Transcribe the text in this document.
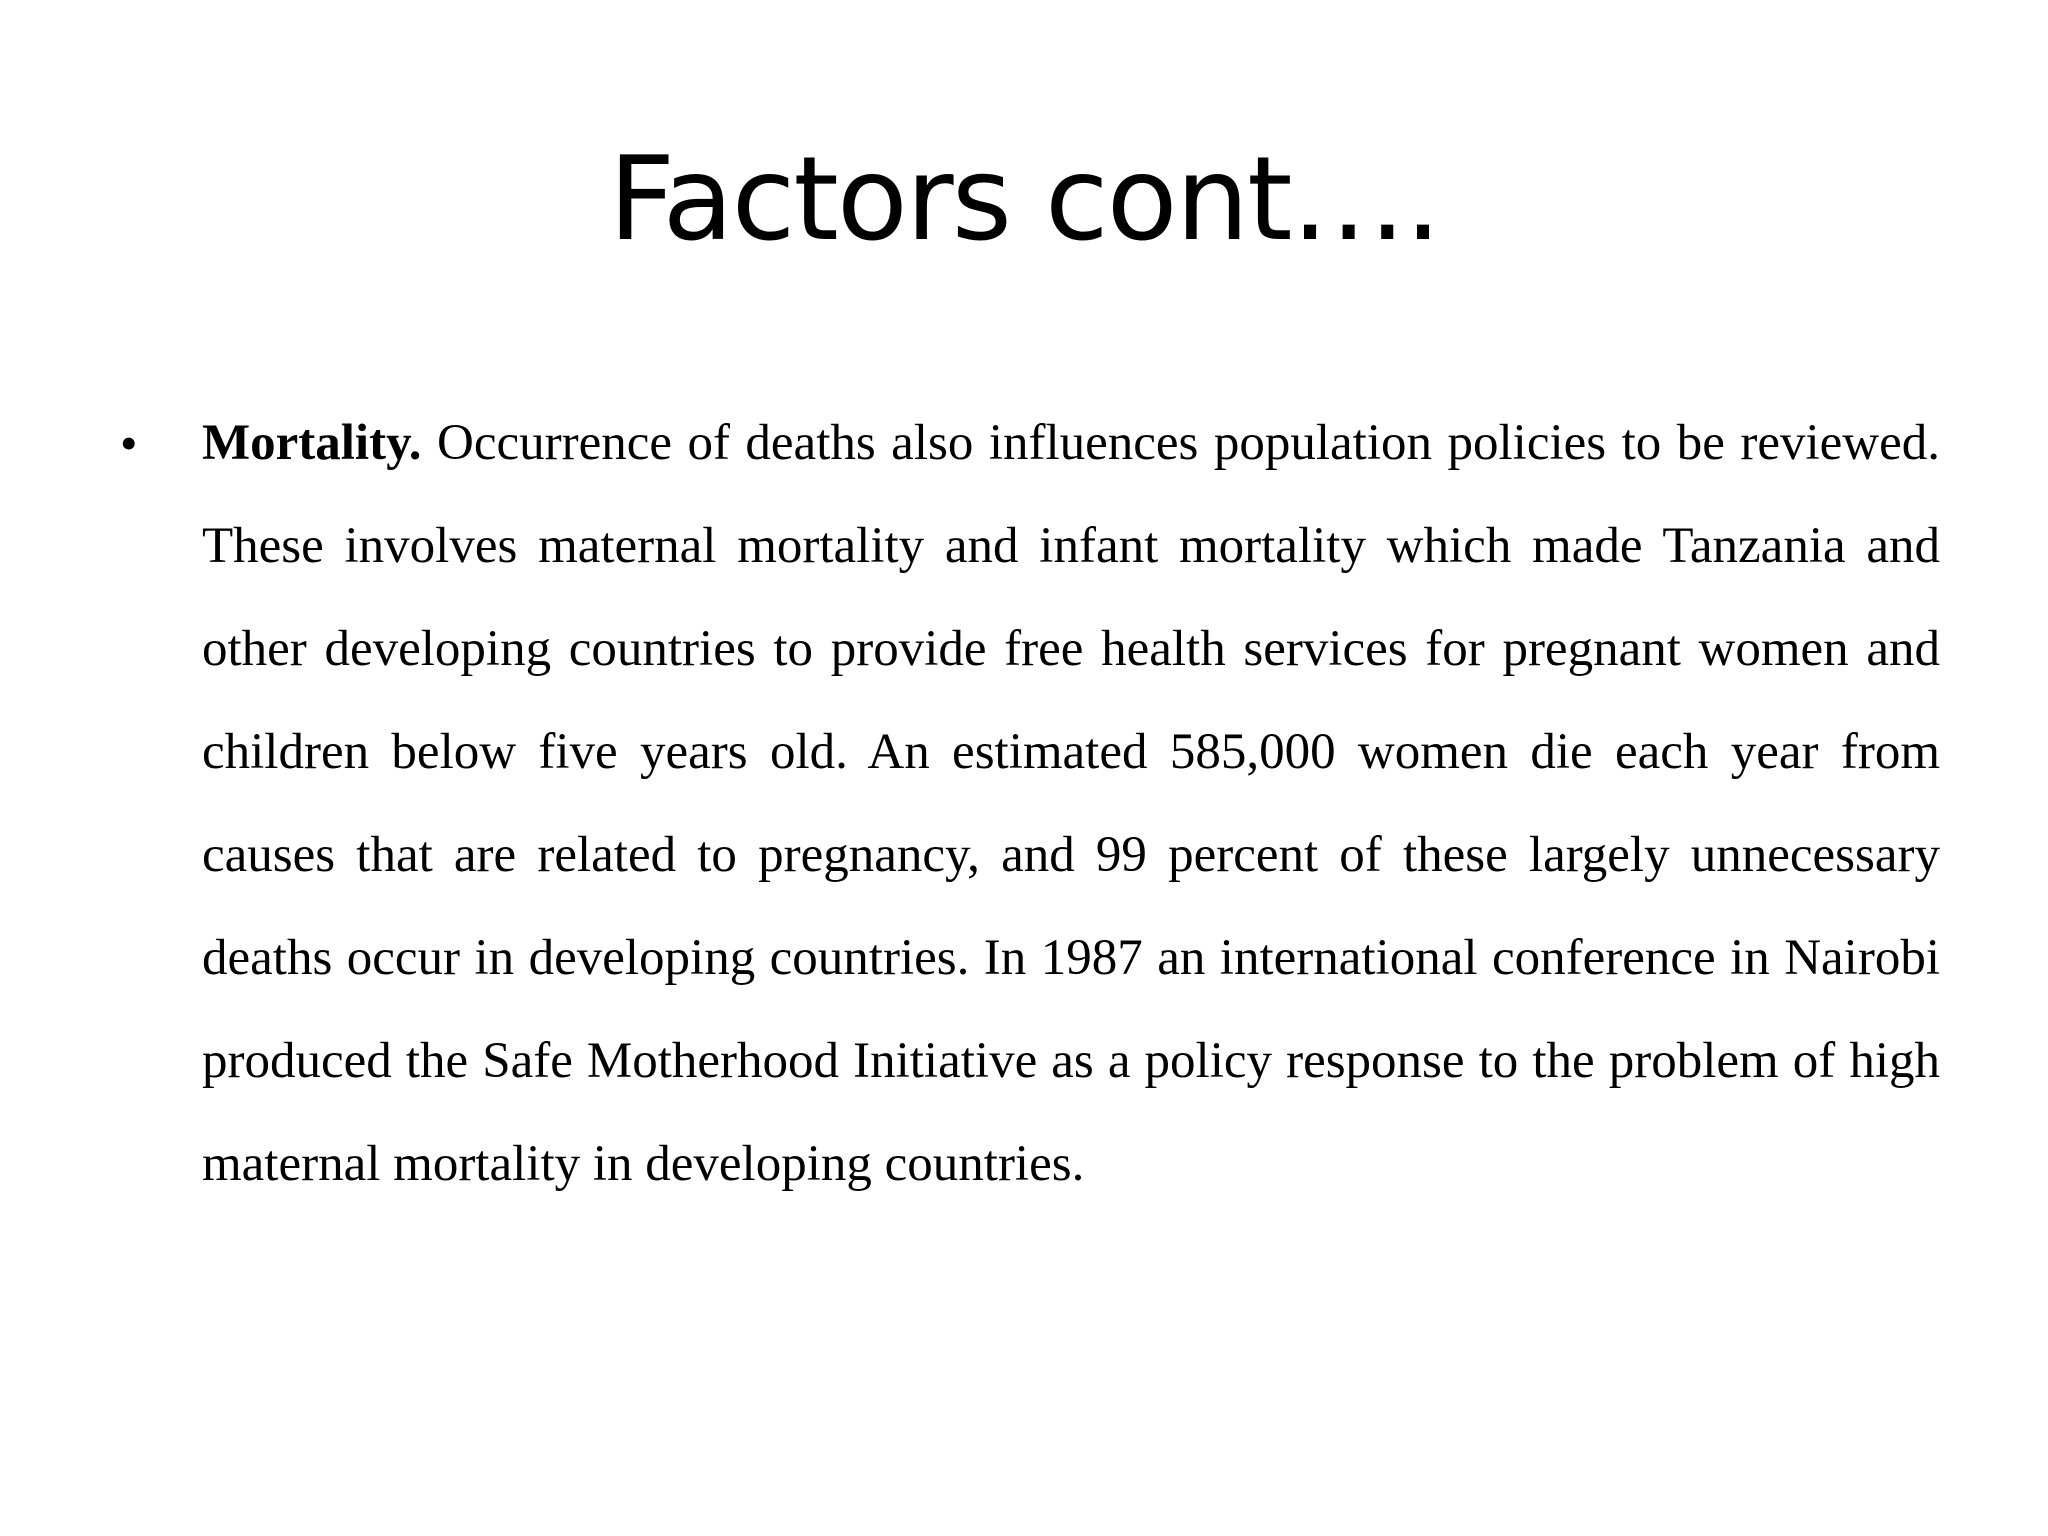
Factors cont….
• Mortality. Occurrence of deaths also influences population policies to be reviewed. These involves maternal mortality and infant mortality which made Tanzania and other developing countries to provide free health services for pregnant women and children below five years old. An estimated 585,000 women die each year from causes that are related to pregnancy, and 99 percent of these largely unnecessary deaths occur in developing countries. In 1987 an international conference in Nairobi produced the Safe Motherhood Initiative as a policy response to the problem of high maternal mortality in developing countries.
